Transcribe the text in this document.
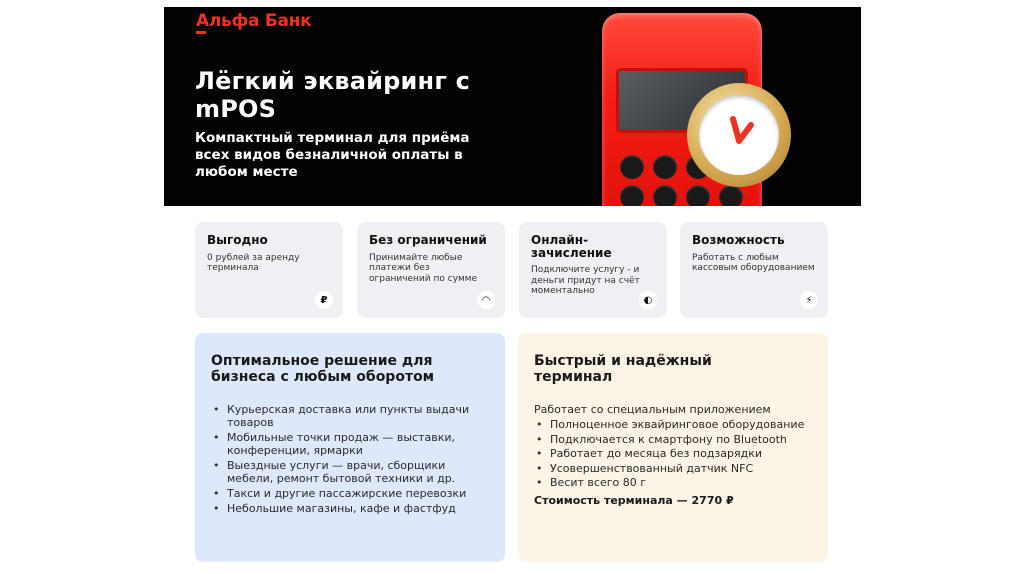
Альфа Банк
Лёгкий эквайринг с mPOS
Компактный терминал для приёма всех видов безналичной оплаты в любом месте
Выгодно
0 рублей за аренду терминала
₽
Без ограничений
Принимайте любые платежи без ограничений по сумме
◠
Онлайн-зачисление
Подключите услугу - и деньги придут на счёт моментально
◐
Возможность
Работать с любым кассовым оборудованием
⚡
Оптимальное решение для бизнеса с любым оборотом
• Курьерская доставка или пункты выдачи товаров
• Мобильные точки продаж — выставки, конференции, ярмарки
• Выездные услуги — врачи, сборщики мебели, ремонт бытовой техники и др.
• Такси и другие пассажирские перевозки
• Небольшие магазины, кафе и фастфуд
Быстрый и надёжный терминал
Работает со специальным приложением
• Полноценное эквайринговое оборудование
• Подключается к смартфону по Bluetooth
• Работает до месяца без подзарядки
• Усовершенствованный датчик NFC
• Весит всего 80 г
Стоимость терминала — 2770 ₽
